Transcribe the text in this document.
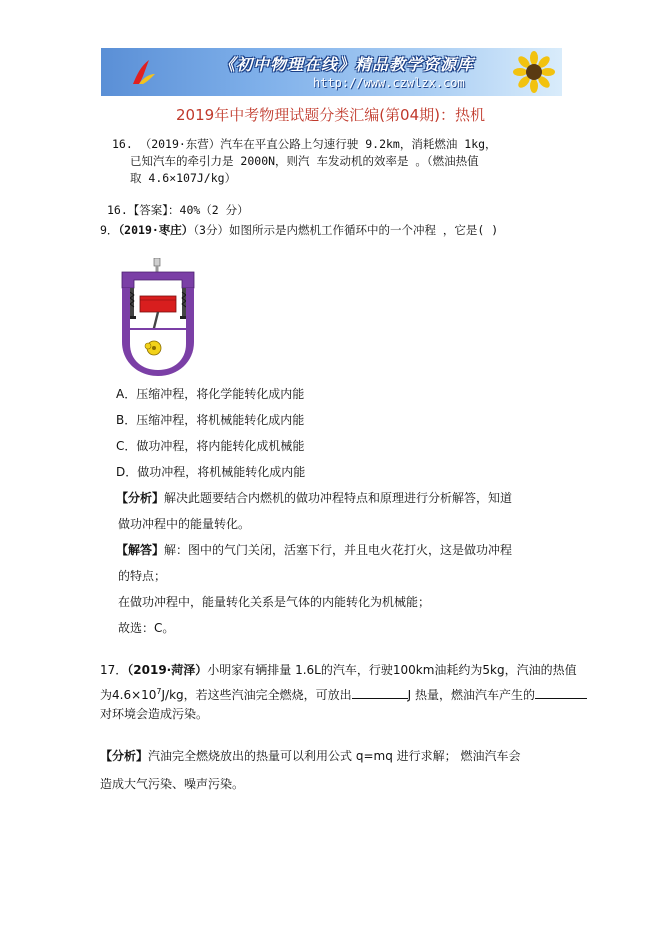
《初中物理在线》精品教学资源库
http://www.czwlzx.com
2019年中考物理试题分类汇编(第04期)：热机
16. （2019·东营）汽车在平直公路上匀速行驶 9.2km，消耗燃油 1kg，
已知汽车的牵引力是 2000N，则汽 车发动机的效率是 。（燃油热值
取 4.6×107J/kg）
16.【答案】：40%（2 分）
9．（2019·枣庄）（3分）如图所示是内燃机工作循环中的一个冲程 ，它是( )
A．压缩冲程，将化学能转化成内能
B．压缩冲程，将机械能转化成内能
C．做功冲程，将内能转化成机械能
D．做功冲程，将机械能转化成内能
【分析】解决此题要结合内燃机的做功冲程特点和原理进行分析解答，知道
做功冲程中的能量转化。
【解答】解：图中的气门关闭，活塞下行，并且电火花打火，这是做功冲程
的特点；
在做功冲程中，能量转化关系是气体的内能转化为机械能；
故选：C。
17．（2019·菏泽）小明家有辆排量 1.6L的汽车，行驶100km油耗约为5kg，汽油的热值
为$4.6\times 10^7J/kg$，若这些汽油完全燃烧，可放出	J 热量，燃油汽车产生的
对环境会造成污染。
【分析】汽油完全燃烧放出的热量可以利用公式 q=mq 进行求解； 燃油汽车会
造成大气污染、噪声污染。
